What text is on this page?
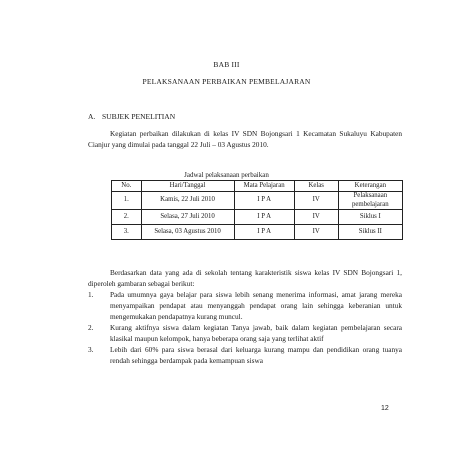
BAB III
PELAKSANAAN PERBAIKAN PEMBELAJARAN
A. SUBJEK PENELITIAN

Kegiatan perbaikan dilakukan di kelas IV SDN Bojongsari 1 Kecamatan Sukaluyu Kabupaten Cianjur yang dimulai pada tanggal 22 Juli – 03 Agustus 2010.

Jadwal pelaksanaan perbaikan
No.	Hari/Tanggal	Mata Pelajaran	Kelas	Keterangan
1.	Kamis, 22 Juli 2010	I P A	IV	Pelaksanaan pembelajaran
2.	Selasa, 27 Juli 2010	I P A	IV	Siklus I
3.	Selasa, 03 Agustus 2010	I P A	IV	Siklus II

Berdasarkan data yang ada di sekolah tentang karakteristik siswa kelas IV SDN Bojongsari 1, diperoleh gambaran sebagai berikut:

1. Pada umumnya gaya belajar para siswa lebih senang menerima informasi, amat jarang mereka menyampaikan pendapat atau menyanggah pendapat orang lain sehingga keberanian untuk mengemukakan pendapatnya kurang muncul.
2. Kurang aktifnya siswa dalam kegiatan Tanya jawab, baik dalam kegiatan pembelajaran secara klasikal maupun kelompok, hanya beberapa orang saja yang terlihat aktif
3. Lebih dari 60% para siswa berasal dari keluarga kurang mampu dan pendidikan orang tuanya rendah sehingga berdampak pada kemampuan siswa
12
